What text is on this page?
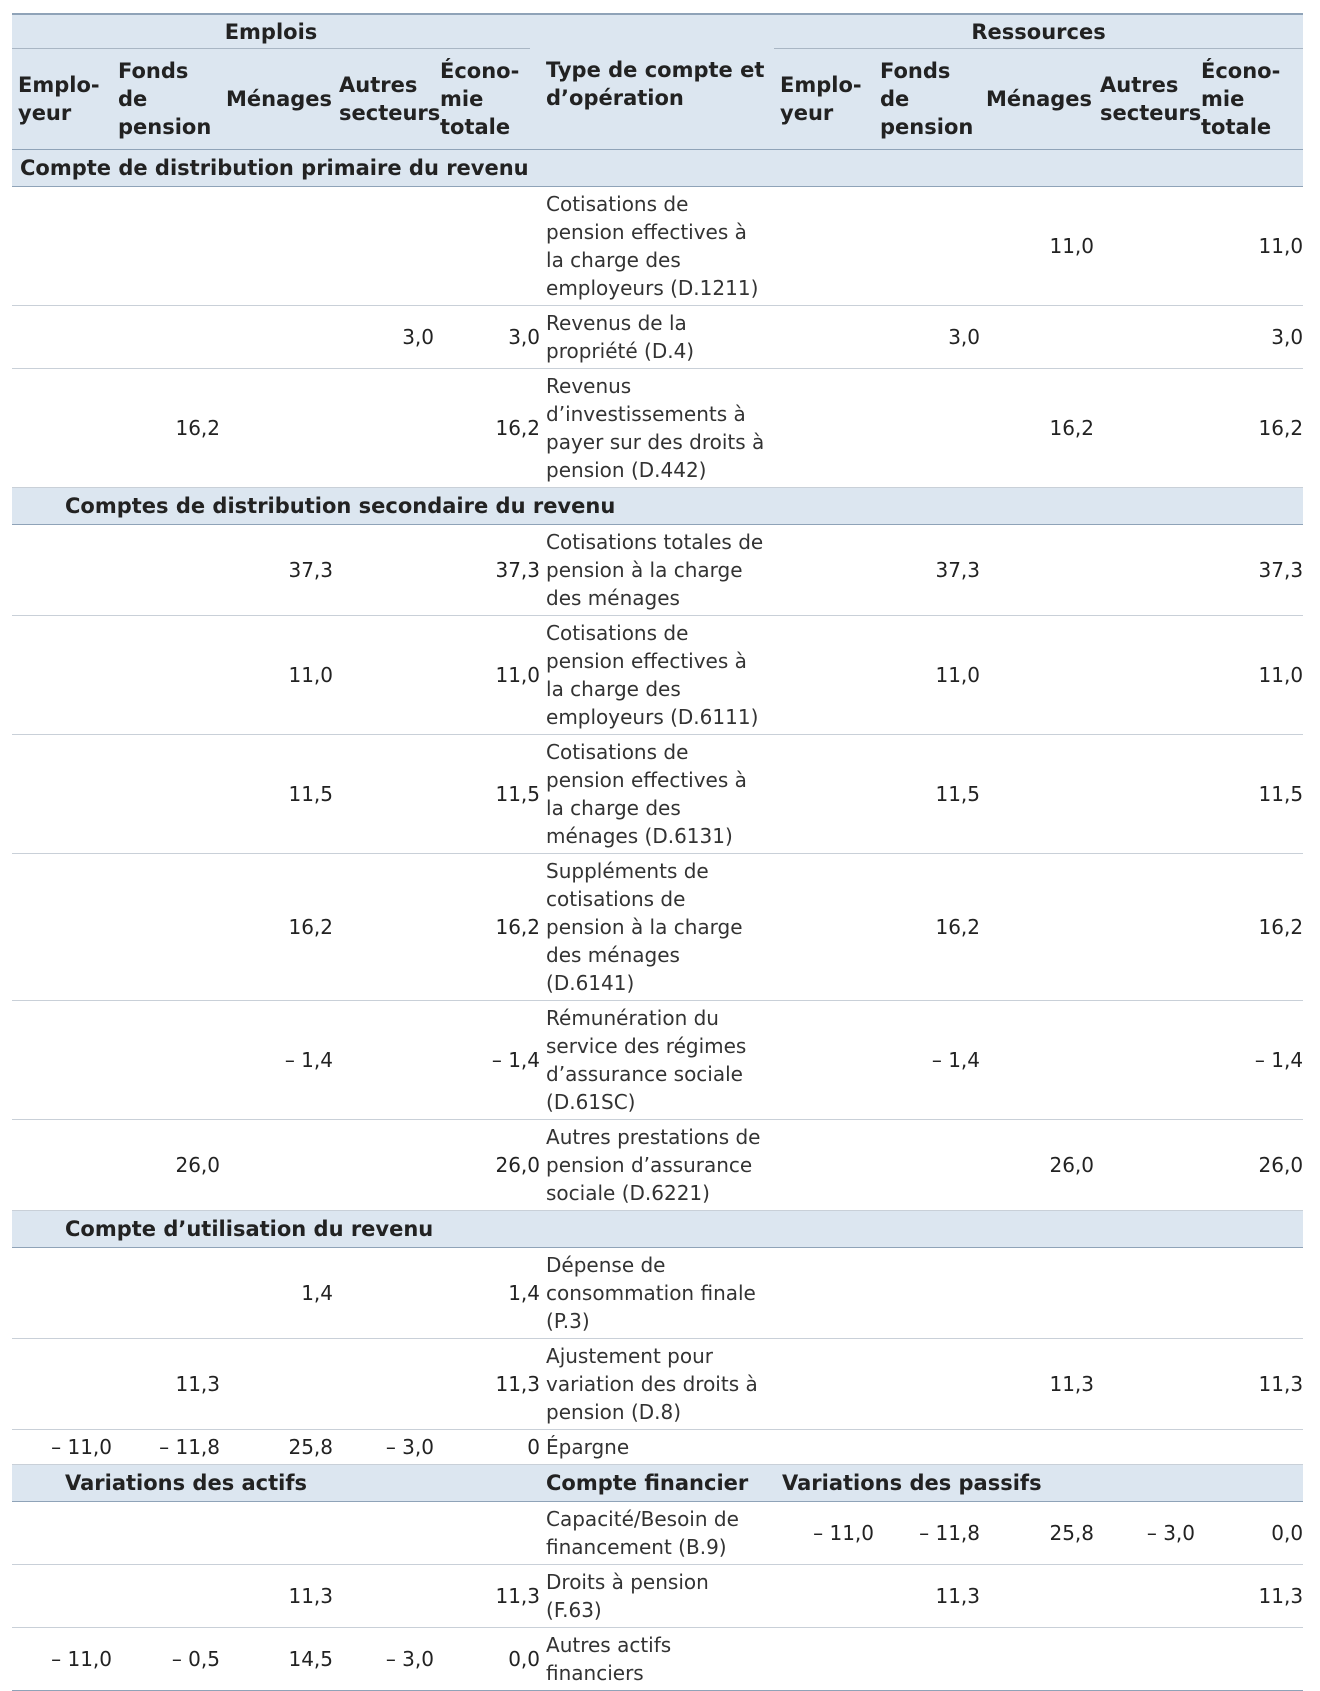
Emplois					Type de compte et d’opération	Ressources				

Emplo- yeur	Fonds de pension	Ménages	Autres secteurs	Écono- mie totale		Emplo- yeur	Fonds de pension	Ménages	Autres secteurs	Écono- mie totale
Compte de distribution primaire du revenu										
					Cotisations de pension effectives à la charge des employeurs (D.1211)			11,0		11,0
			3,0	3,0	Revenus de la propriété (D.4)		3,0			3,0
	16,2			16,2	Revenus d’investissements à payer sur des droits à pension (D.442)			16,2		16,2
Comptes de distribution secondaire du revenu										
		37,3		37,3	Cotisations totales de pension à la charge des ménages		37,3			37,3
		11,0		11,0	Cotisations de pension effectives à la charge des employeurs (D.6111)		11,0			11,0
		11,5		11,5	Cotisations de pension effectives à la charge des ménages (D.6131)		11,5			11,5
		16,2		16,2	Suppléments de cotisations de pension à la charge des ménages (D.6141)		16,2			16,2
		– 1,4		– 1,4	Rémunération du service des régimes d’assurance sociale (D.61SC)		– 1,4			– 1,4
	26,0			26,0	Autres prestations de pension d’assurance sociale (D.6221)			26,0		26,0
Compte d’utilisation du revenu										
		1,4		1,4	Dépense de consommation finale (P.3)					
	11,3			11,3	Ajustement pour variation des droits à pension (D.8)			11,3		11,3
– 11,0	– 11,8	25,8	– 3,0	0	Épargne					
Variations des actifs					Compte financier	Variations des passifs				
					Capacité/Besoin de financement (B.9)	– 11,0	– 11,8	25,8	– 3,0	0,0
		11,3		11,3	Droits à pension (F.63)		11,3			11,3
– 11,0	– 0,5	14,5	– 3,0	0,0	Autres actifs financiers					
